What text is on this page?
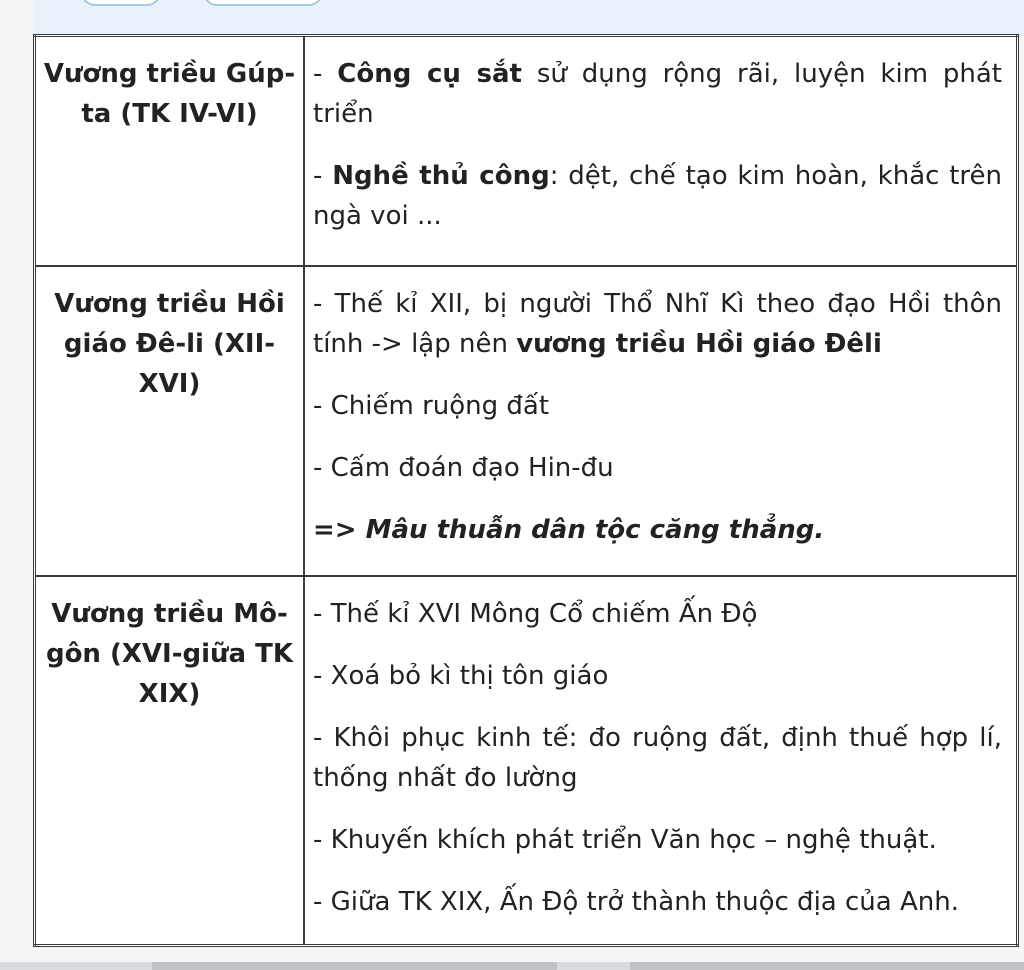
Vương triều Gúp-ta (TK IV-VI)	- Công cụ sắt sử dụng rộng rãi, luyện kim phát triển

- Nghề thủ công: dệt, chế tạo kim hoàn, khắc trên ngà voi ...

Vương triều Hồi giáo Đê-li (XII-XVI)	- Thế kỉ XII, bị người Thổ Nhĩ Kì theo đạo Hồi thôn tính -> lập nên vương triều Hồi giáo Đêli

- Chiếm ruộng đất

- Cấm đoán đạo Hin-đu

=> Mâu thuẫn dân tộc căng thẳng.

Vương triều Mô-gôn (XVI-giữa TK XIX)	- Thế kỉ XVI Mông Cổ chiếm Ấn Độ

- Xoá bỏ kì thị tôn giáo

- Khôi phục kinh tế: đo ruộng đất, định thuế hợp lí, thống nhất đo lường

- Khuyến khích phát triển Văn học – nghệ thuật.

- Giữa TK XIX, Ấn Độ trở thành thuộc địa của Anh.
